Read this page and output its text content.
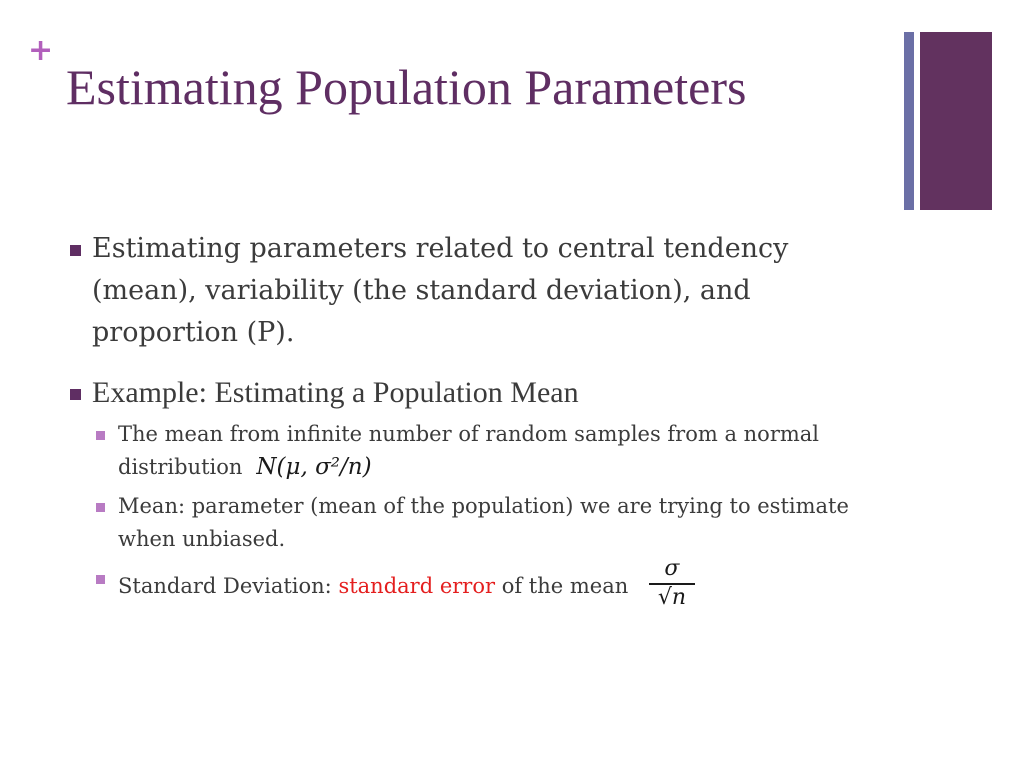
+
Estimating Population Parameters
Estimating parameters related to central tendency (mean), variability (the standard deviation), and proportion (P).
Example: Estimating a Population Mean
The mean from infinite number of random samples from a normal distribution N(μ, σ²/n)
Mean: parameter (mean of the population) we are trying to estimate when unbiased.
Standard Deviation: standard error of the mean $\frac{\sigma}{√n}$
